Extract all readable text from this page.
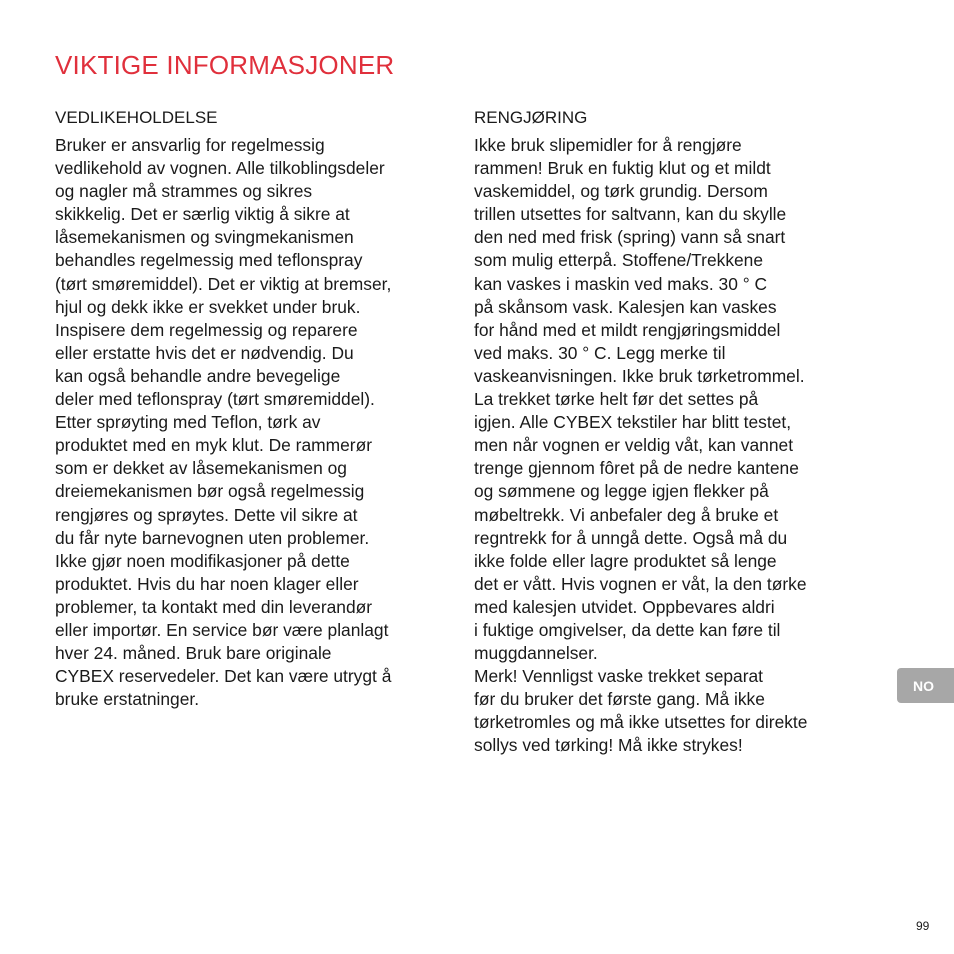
VIKTIGE INFORMASJONER
VEDLIKEHOLDELSE
Bruker er ansvarlig for regelmessig
vedlikehold av vognen. Alle tilkoblingsdeler
og nagler må strammes og sikres
skikkelig. Det er særlig viktig å sikre at
låsemekanismen og svingmekanismen
behandles regelmessig med teflonspray
(tørt smøremiddel). Det er viktig at bremser,
hjul og dekk ikke er svekket under bruk.
Inspisere dem regelmessig og reparere
eller erstatte hvis det er nødvendig. Du
kan også behandle andre bevegelige
deler med teflonspray (tørt smøremiddel).
Etter sprøyting med Teflon, tørk av
produktet med en myk klut. De rammerør
som er dekket av låsemekanismen og
dreiemekanismen bør også regelmessig
rengjøres og sprøytes. Dette vil sikre at
du får nyte barnevognen uten problemer.
Ikke gjør noen modifikasjoner på dette
produktet. Hvis du har noen klager eller
problemer, ta kontakt med din leverandør
eller importør. En service bør være planlagt
hver 24. måned. Bruk bare originale
CYBEX reservedeler. Det kan være utrygt å
bruke erstatninger.
RENGJØRING
Ikke bruk slipemidler for å rengjøre
rammen! Bruk en fuktig klut og et mildt
vaskemiddel, og tørk grundig. Dersom
trillen utsettes for saltvann, kan du skylle
den ned med frisk (spring) vann så snart
som mulig etterpå. Stoffene/Trekkene
kan vaskes i maskin ved maks. 30 ° C
på skånsom vask. Kalesjen kan vaskes
for hånd med et mildt rengjøringsmiddel
ved maks. 30 ° C. Legg merke til
vaskeanvisningen. Ikke bruk tørketrommel.
La trekket tørke helt før det settes på
igjen. Alle CYBEX tekstiler har blitt testet,
men når vognen er veldig våt, kan vannet
trenge gjennom fôret på de nedre kantene
og sømmene og legge igjen flekker på
møbeltrekk. Vi anbefaler deg å bruke et
regntrekk for å unngå dette. Også må du
ikke folde eller lagre produktet så lenge
det er vått. Hvis vognen er våt, la den tørke
med kalesjen utvidet. Oppbevares aldri
i fuktige omgivelser, da dette kan føre til
muggdannelser.
Merk! Vennligst vaske trekket separat
før du bruker det første gang. Må ikke
tørketromles og må ikke utsettes for direkte
sollys ved tørking! Må ikke strykes!
NO
99
